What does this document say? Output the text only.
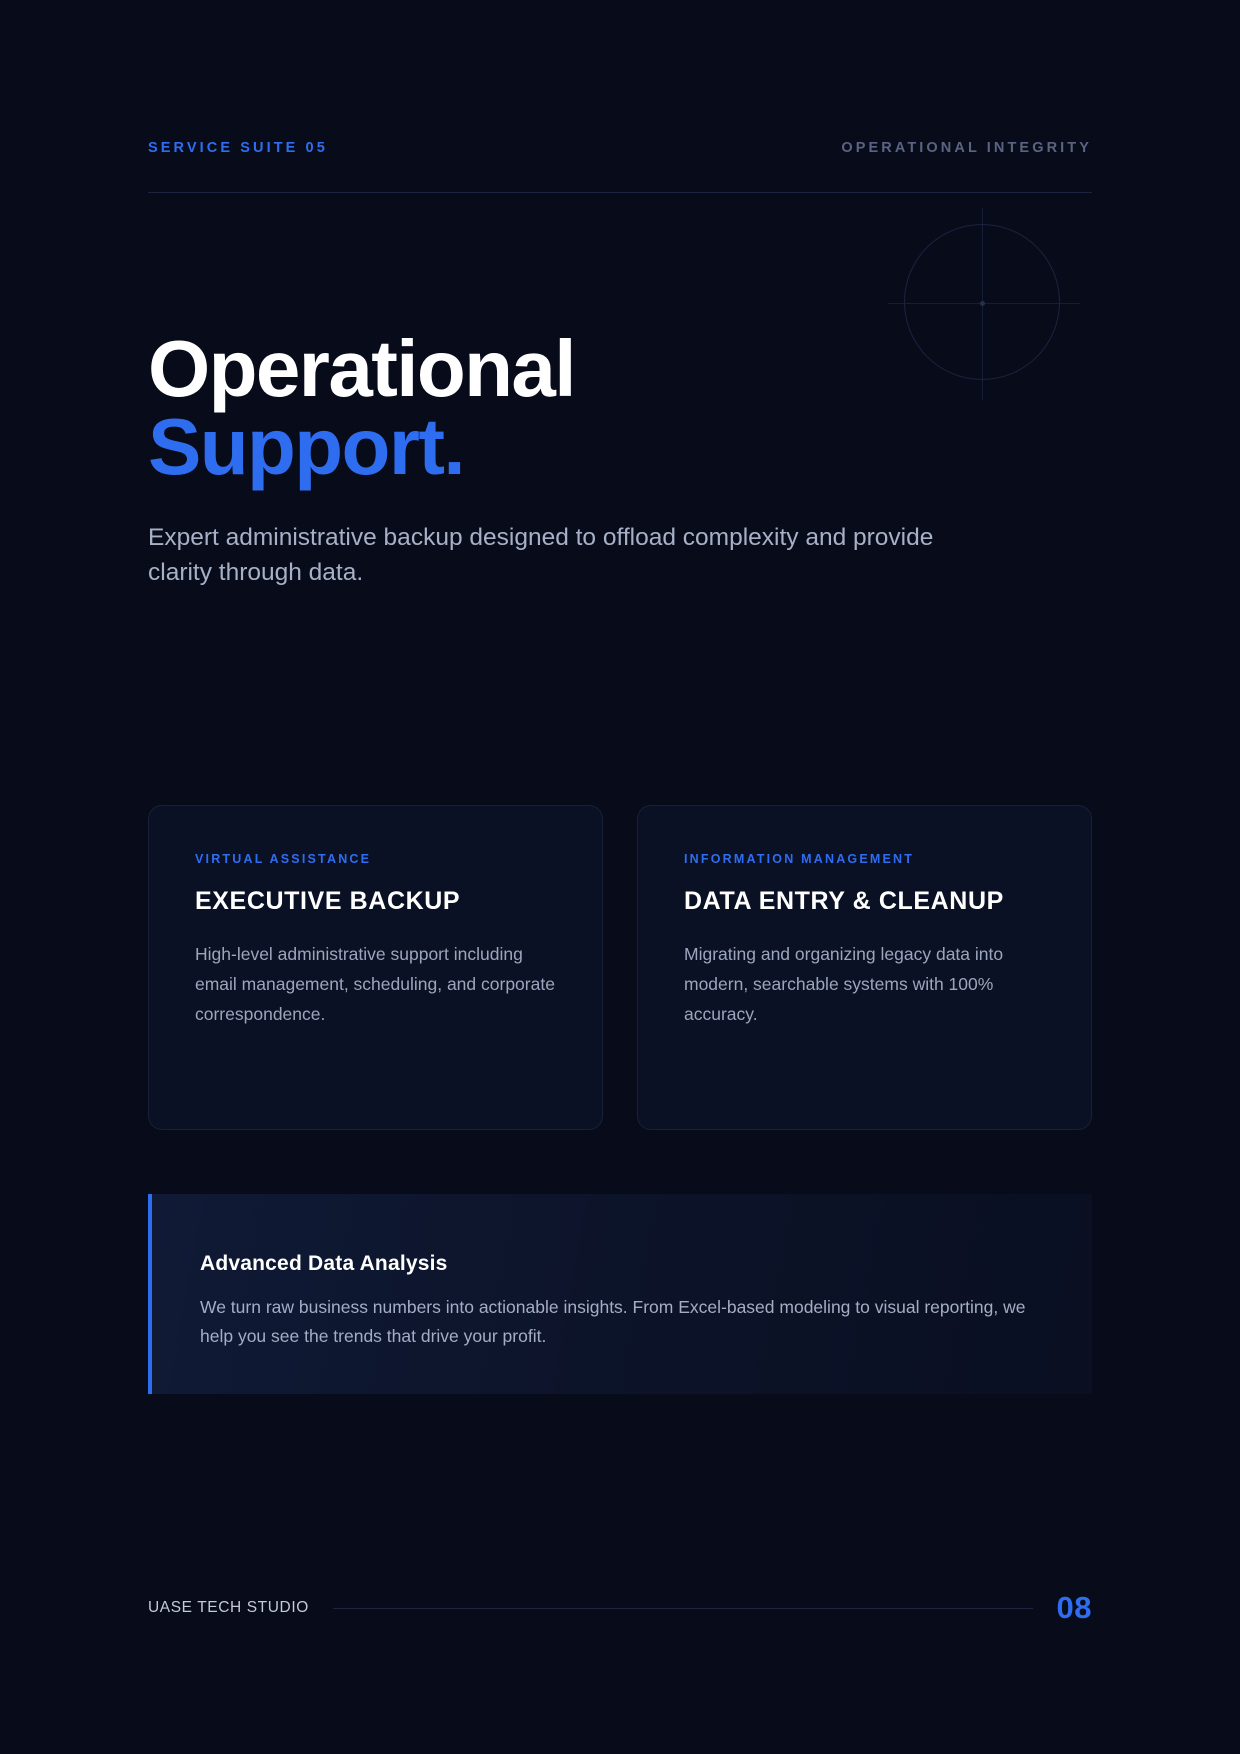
SERVICE SUITE 05	OPERATIONAL INTEGRITY
Operational
Support.

Expert administrative backup designed to offload complexity and provide clarity through data.

VIRTUAL ASSISTANCE
EXECUTIVE BACKUP
High-level administrative support including email management, scheduling, and corporate correspondence.
INFORMATION MANAGEMENT
DATA ENTRY & CLEANUP
Migrating and organizing legacy data into modern, searchable systems with 100% accuracy.
Advanced Data Analysis
We turn raw business numbers into actionable insights. From Excel-based modeling to visual reporting, we help you see the trends that drive your profit.
UASE TECH STUDIO	08
